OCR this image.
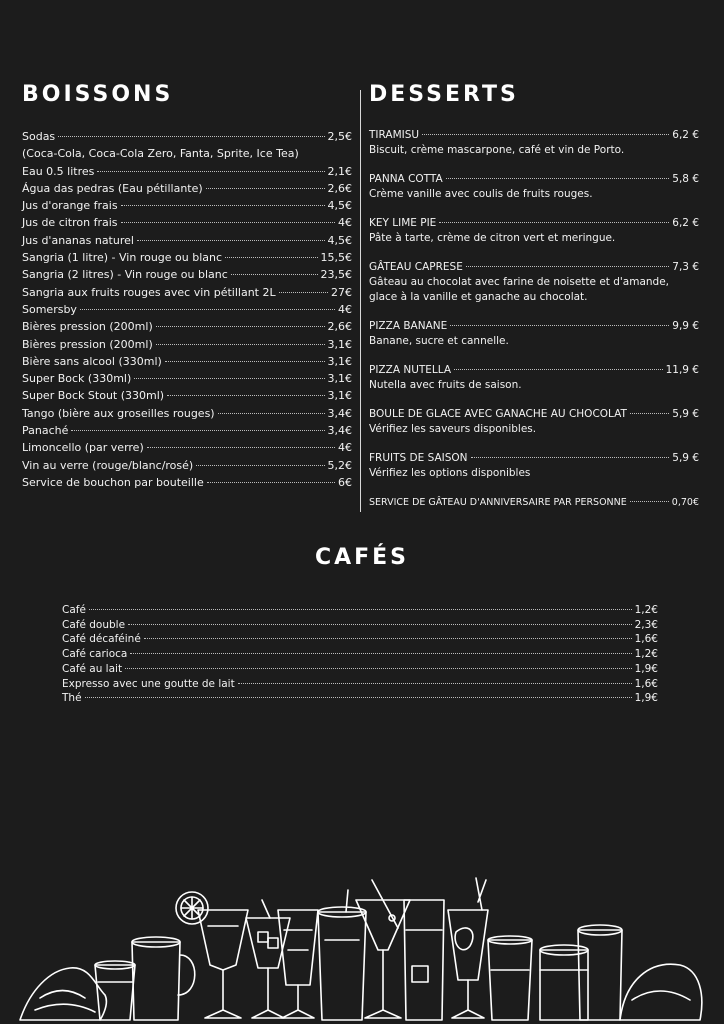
BOISSONS	DESSERTS
Sodas	2,5€
(Coca-Cola, Coca-Cola Zero, Fanta, Sprite, Ice Tea)
Eau 0.5 litres	2,1€
Água das pedras (Eau pétillante)	2,6€
Jus d'orange frais	4,5€
Jus de citron frais	4€
Jus d'ananas naturel	4,5€
Sangria (1 litre) - Vin rouge ou blanc	15,5€
Sangria (2 litres) - Vin rouge ou blanc	23,5€
Sangria aux fruits rouges avec vin pétillant 2L	27€
Somersby	4€
Bières pression (200ml)	2,6€
Bières pression (200ml)	3,1€
Bière sans alcool (330ml)	3,1€
Super Bock (330ml)	3,1€
Super Bock Stout (330ml)	3,1€
Tango (bière aux groseilles rouges)	3,4€
Panaché	3,4€
Limoncello (par verre)	4€
Vin au verre (rouge/blanc/rosé)	5,2€
Service de bouchon par bouteille	6€
TIRAMISU	6,2 €
Biscuit, crème mascarpone, café et vin de Porto.
PANNA COTTA	5,8 €
Crème vanille avec coulis de fruits rouges.
KEY LIME PIE	6,2 €
Pâte à tarte, crème de citron vert et meringue.
GÂTEAU CAPRESE	7,3 €
Gâteau au chocolat avec farine de noisette et d'amande, glace à la vanille et ganache au chocolat.
PIZZA BANANE	9,9 €
Banane, sucre et cannelle.
PIZZA NUTELLA	11,9 €
Nutella avec fruits de saison.
BOULE DE GLACE AVEC GANACHE AU CHOCOLAT	5,9 €
Vérifiez les saveurs disponibles.
FRUITS DE SAISON	5,9 €
Vérifiez les options disponibles
SERVICE DE GÂTEAU D'ANNIVERSAIRE PAR PERSONNE	0,70€
CAFÉS
Café	1,2€
Café double	2,3€
Café décaféiné	1,6€
Café carioca	1,2€
Café au lait	1,9€
Expresso avec une goutte de lait	1,6€
Thé	1,9€
